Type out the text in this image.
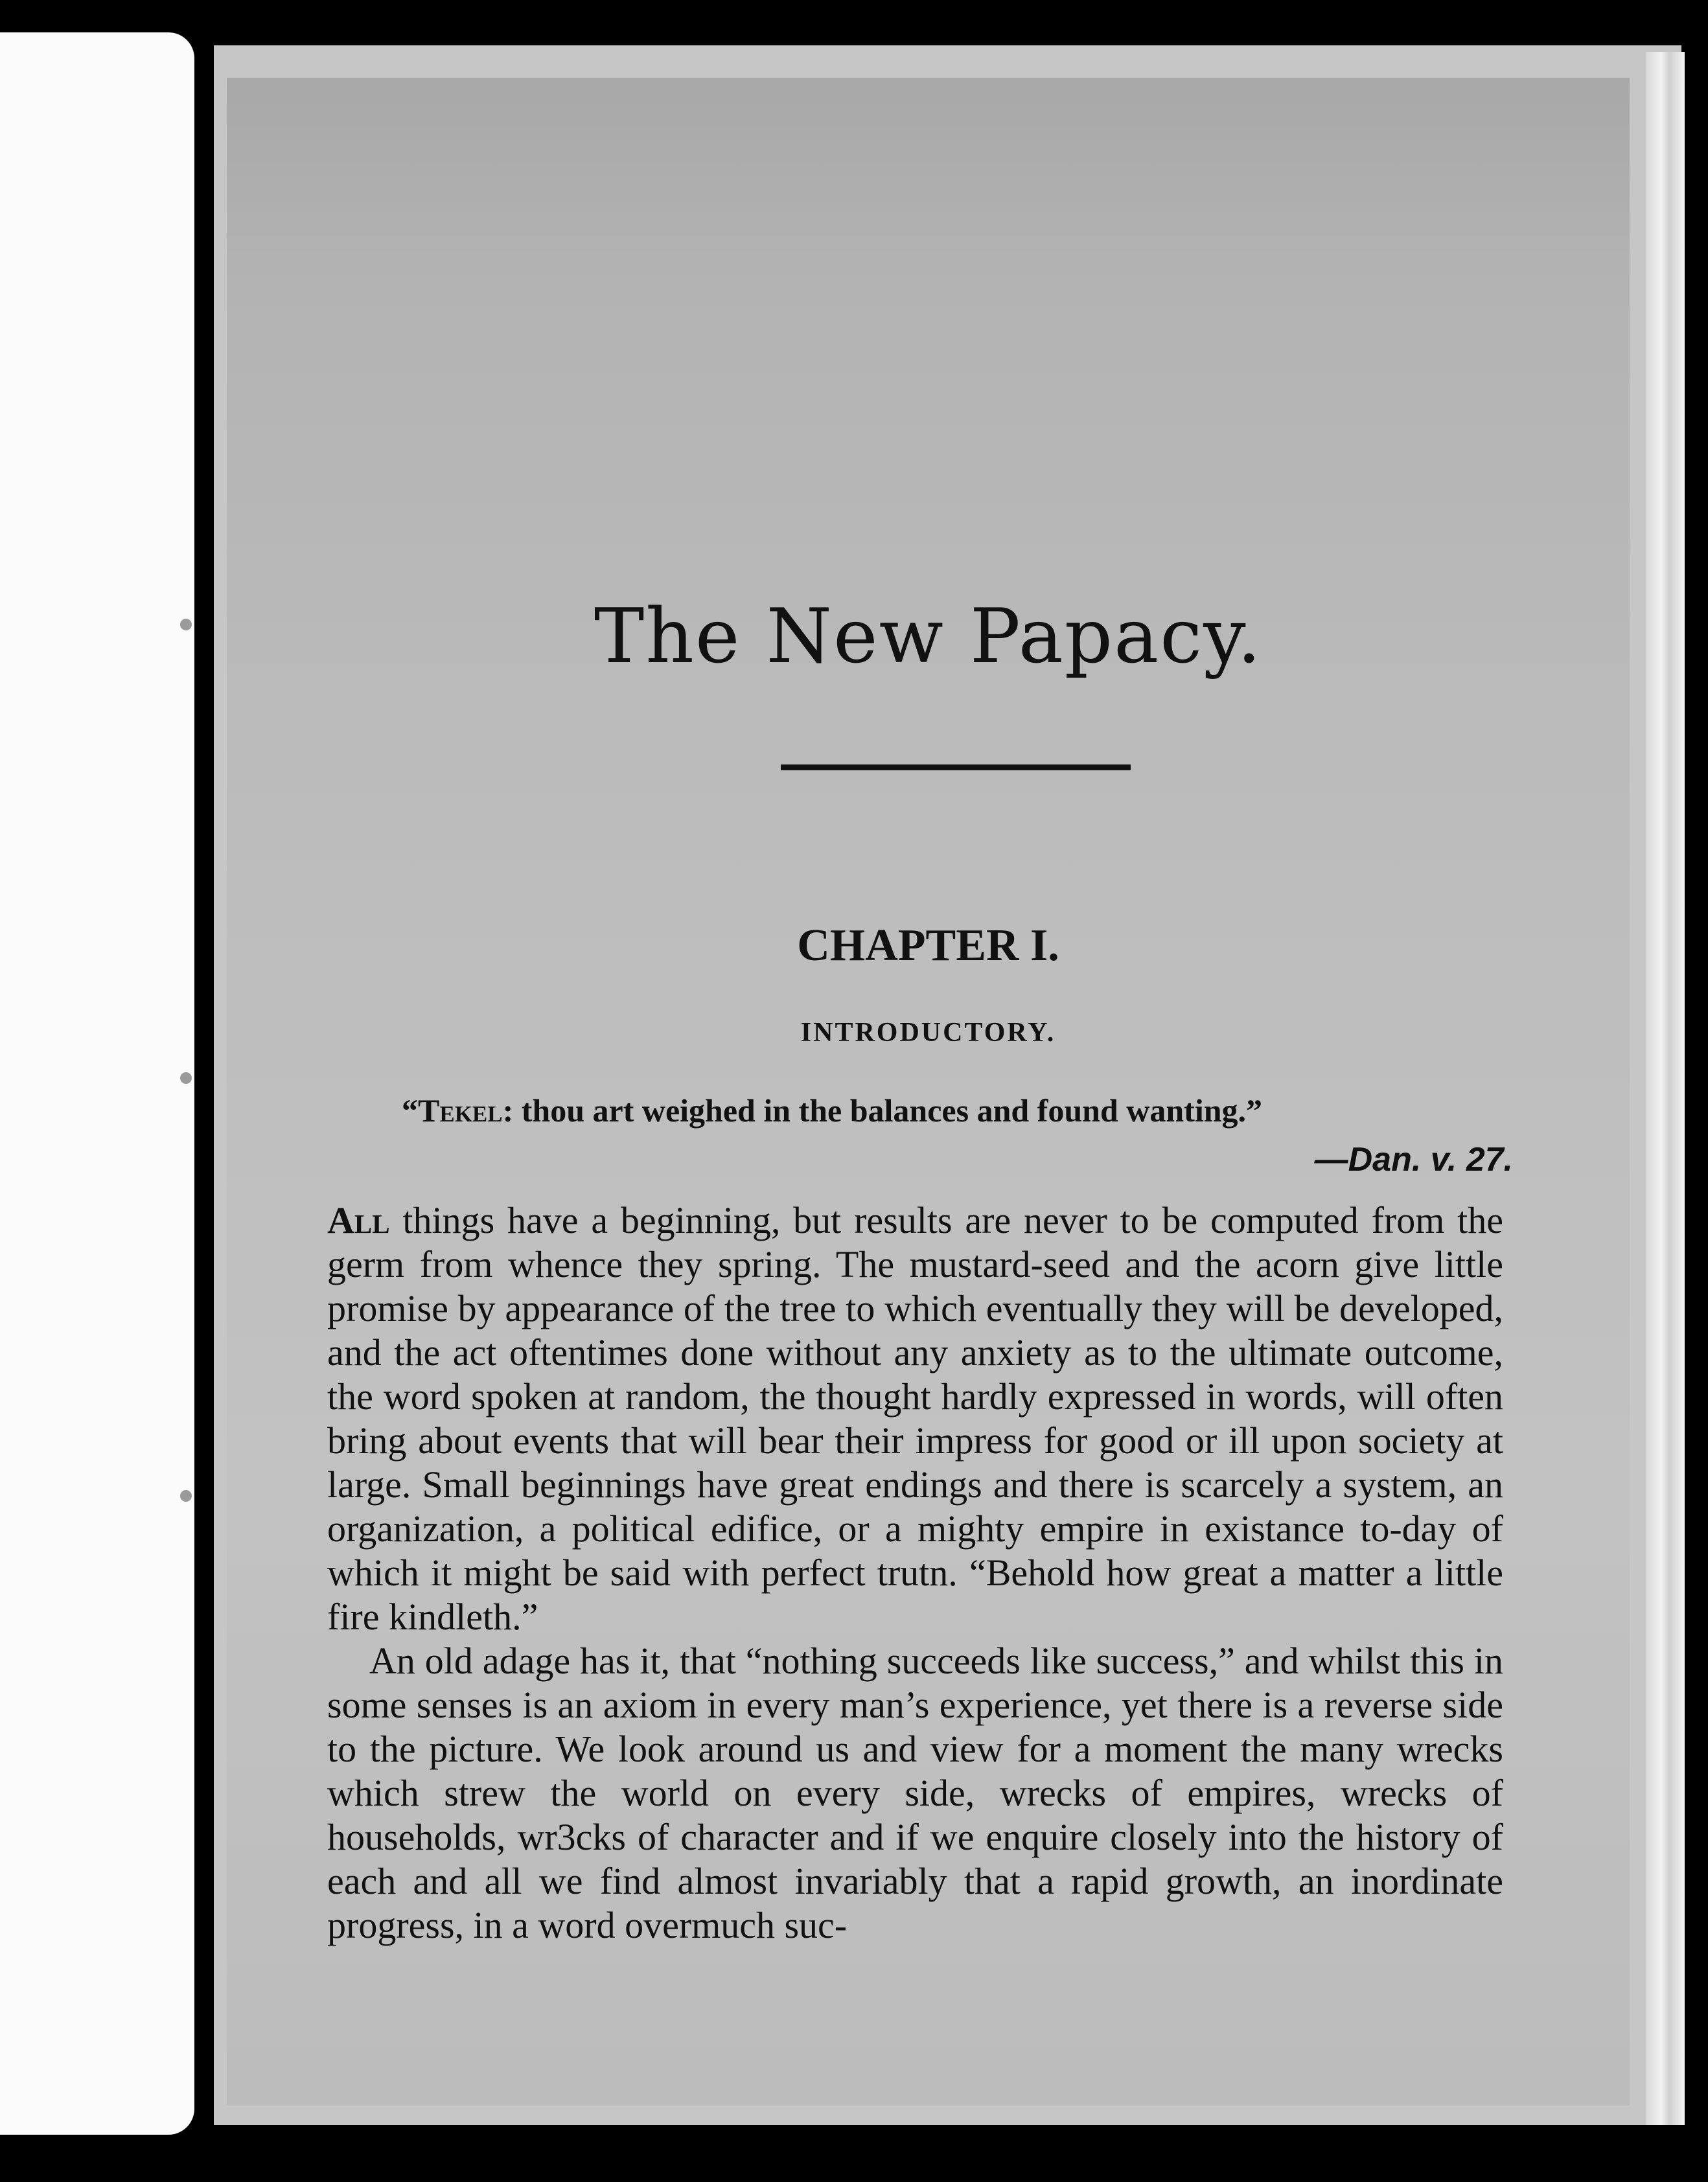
The New Papacy.
CHAPTER I.
INTRODUCTORY.
“Tekel: thou art weighed in the balances and found wanting.”
—Dan. v. 27.

All things have a beginning, but results are never to be computed from the germ from whence they spring. The mustard-seed and the acorn give little promise by appearance of the tree to which eventually they will be developed, and the act oftentimes done without any anxiety as to the ultimate outcome, the word spoken at random, the thought hardly expressed in words, will often bring about events that will bear their impress for good or ill upon society at large. Small beginnings have great endings and there is scarcely a system, an organization, a political edifice, or a mighty empire in existance to-day of which it might be said with perfect trutn. “Behold how great a matter a little fire kindleth.”

An old adage has it, that “nothing succeeds like success,” and whilst this in some senses is an axiom in every man’s experience, yet there is a reverse side to the picture. We look around us and view for a moment the many wrecks which strew the world on every side, wrecks of empires, wrecks of households, wr3cks of character and if we enquire closely into the history of each and all we find almost invariably that a rapid growth, an inordinate progress, in a word overmuch suc-
